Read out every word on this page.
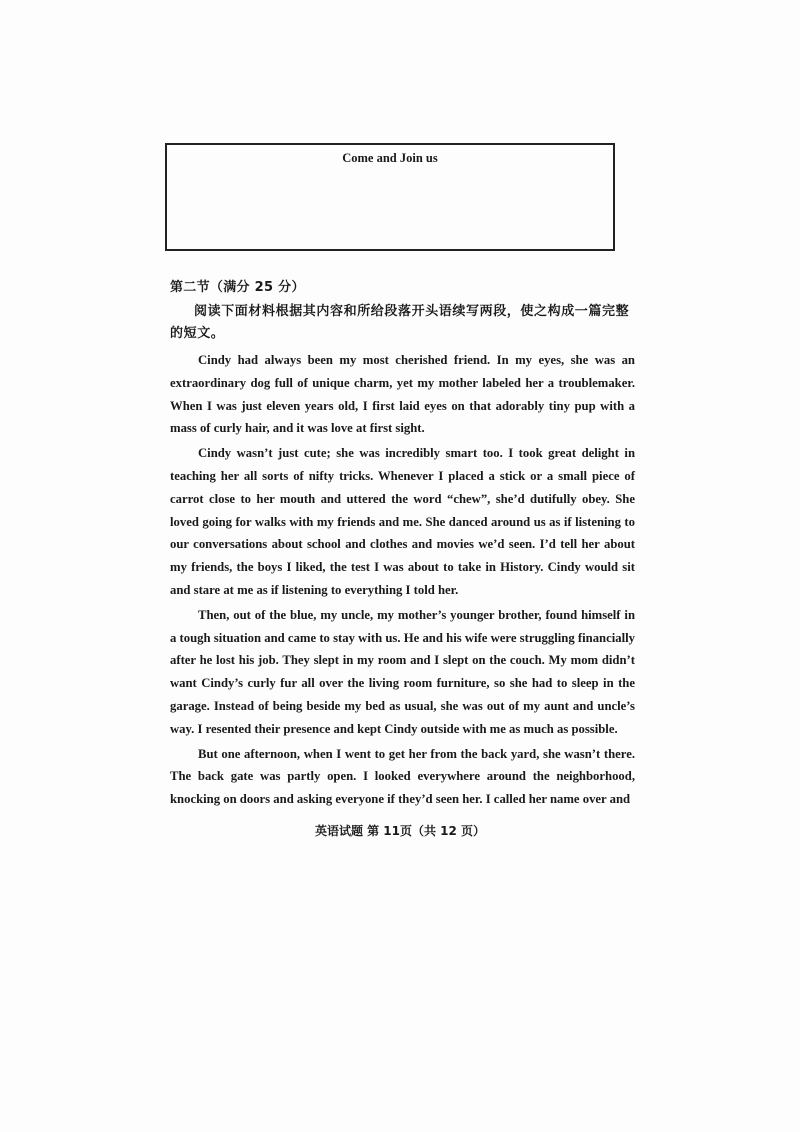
Come and Join us
第二节（满分 25 分）

阅读下面材料根据其内容和所给段落开头语续写两段，使之构成一篇完整的短文。

Cindy had always been my most cherished friend. In my eyes, she was an extraordinary dog full of unique charm, yet my mother labeled her a troublemaker. When I was just eleven years old, I first laid eyes on that adorably tiny pup with a mass of curly hair, and it was love at first sight.

Cindy wasn’t just cute; she was incredibly smart too. I took great delight in teaching her all sorts of nifty tricks. Whenever I placed a stick or a small piece of carrot close to her mouth and uttered the word “chew”, she’d dutifully obey. She loved going for walks with my friends and me. She danced around us as if listening to our conversations about school and clothes and movies we’d seen. I’d tell her about my friends, the boys I liked, the test I was about to take in History. Cindy would sit and stare at me as if listening to everything I told her.

Then, out of the blue, my uncle, my mother’s younger brother, found himself in a tough situation and came to stay with us. He and his wife were struggling financially after he lost his job. They slept in my room and I slept on the couch. My mom didn’t want Cindy’s curly fur all over the living room furniture, so she had to sleep in the garage. Instead of being beside my bed as usual, she was out of my aunt and uncle’s way. I resented their presence and kept Cindy outside with me as much as possible.

But one afternoon, when I went to get her from the back yard, she wasn’t there. The back gate was partly open. I looked everywhere around the neighborhood, knocking on doors and asking everyone if they’d seen her. I called her name over and

英语试题 第 11页（共 12 页）
